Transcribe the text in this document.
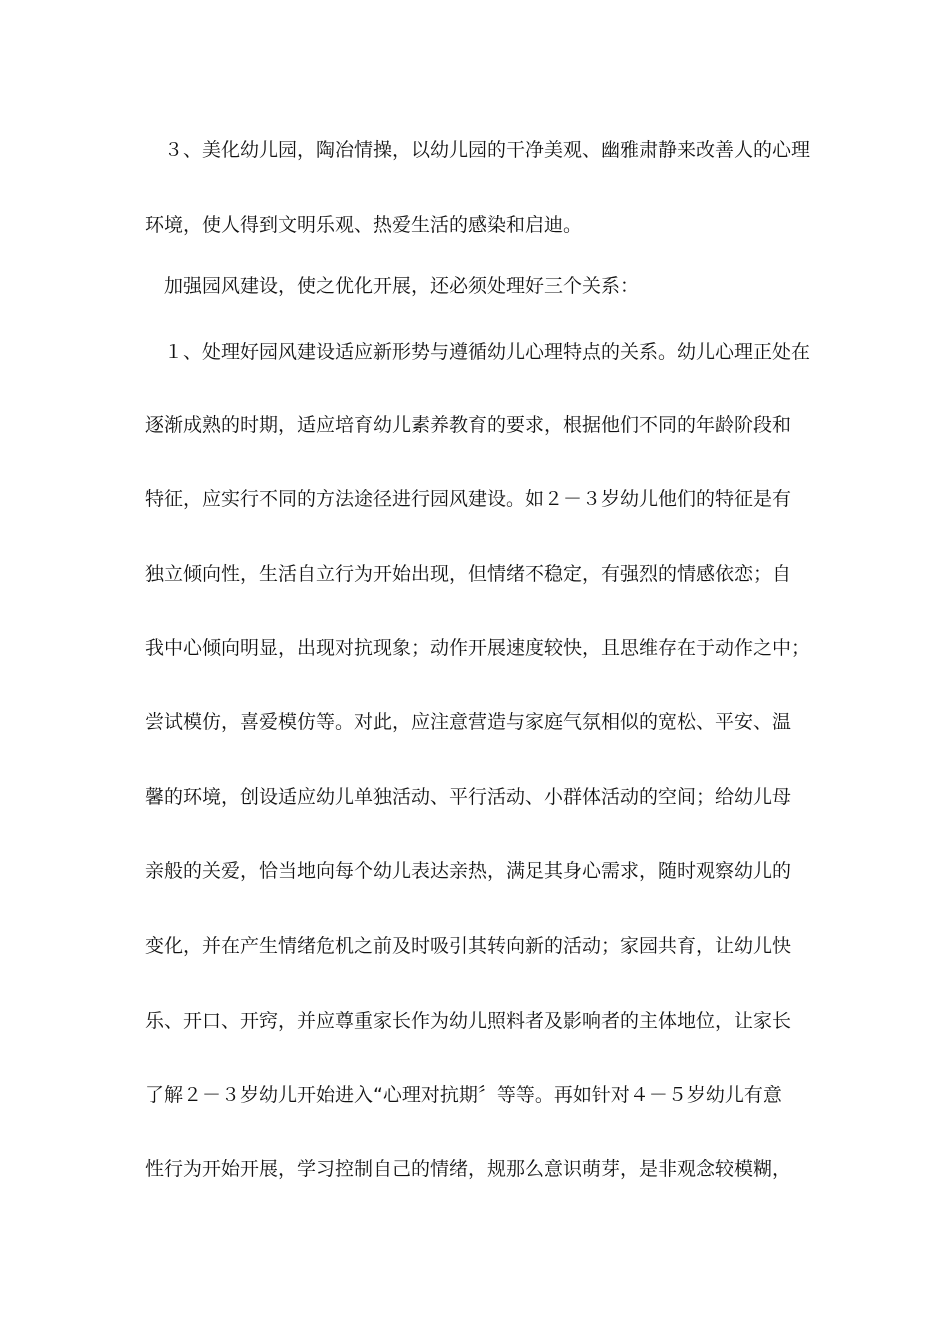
　３、美化幼儿园，陶冶情操，以幼儿园的干净美观、幽雅肃静来改善人的心理
环境，使人得到文明乐观、热爱生活的感染和启迪。
　加强园风建设，使之优化开展，还必须处理好三个关系：
　１、处理好园风建设适应新形势与遵循幼儿心理特点的关系。幼儿心理正处在
逐渐成熟的时期，适应培育幼儿素养教育的要求，根据他们不同的年龄阶段和
特征，应实行不同的方法途径进行园风建设。如２－３岁幼儿他们的特征是有
独立倾向性，生活自立行为开始出现，但情绪不稳定，有强烈的情感依恋；自
我中心倾向明显，出现对抗现象；动作开展速度较快，且思维存在于动作之中；
尝试模仿，喜爱模仿等。对此，应注意营造与家庭气氛相似的宽松、平安、温
馨的环境，创设适应幼儿单独活动、平行活动、小群体活动的空间；给幼儿母
亲般的关爱，恰当地向每个幼儿表达亲热，满足其身心需求，随时观察幼儿的
变化，并在产生情绪危机之前及时吸引其转向新的活动；家园共育，让幼儿快
乐、开口、开窍，并应尊重家长作为幼儿照料者及影响者的主体地位，让家长
了解２－３岁幼儿开始进入“心理对抗期〞等等。再如针对４－５岁幼儿有意
性行为开始开展，学习控制自己的情绪，规那么意识萌芽，是非观念较模糊，
